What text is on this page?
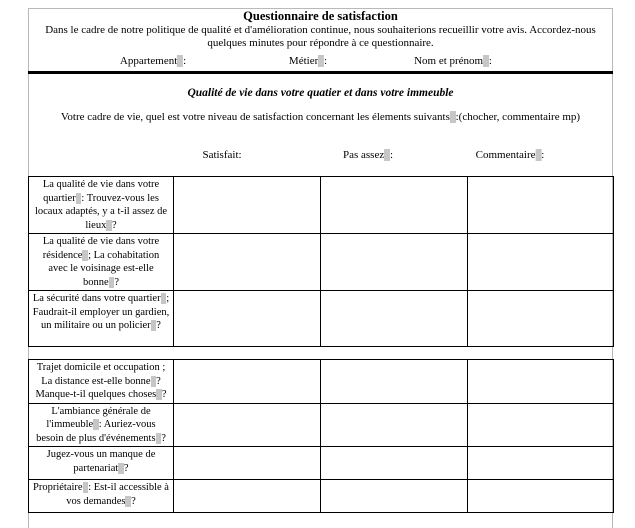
Questionnaire de satisfaction
Dans le cadre de notre politique de qualité et d'amélioration continue, nous souhaiterions recueillir votre avis. Accordez-nous quelques minutes pour répondre à ce questionnaire.
Appartement :	Métier :	Nom et prénom :
Qualité de vie dans votre quatier et dans votre immeuble
Votre cadre de vie, quel est votre niveau de satisfaction concernant les élements suivants :(chocher, commentaire mp)
Satisfait:	Pas assez :	Commentaire :
La qualité de vie dans votre quartier : Trouvez-vous les locaux adaptés, y a t-il assez de lieux ?			
La qualité de vie dans votre résidence ; La cohabitation avec le voisinage est-elle bonne ?			
La sécurité dans votre quartier ; Faudrait-il employer un gardien, un militaire ou un policier ?			
Trajet domicile et occupation ; La distance est-elle bonne ? Manque-t-il quelques choses ?			
L'ambiance générale de l'immeuble : Auriez-vous besoin de plus d'événements ?			
Jugez-vous un manque de partenariat ?			
Propriétaire : Est-il accessible à vos demandes ?			
